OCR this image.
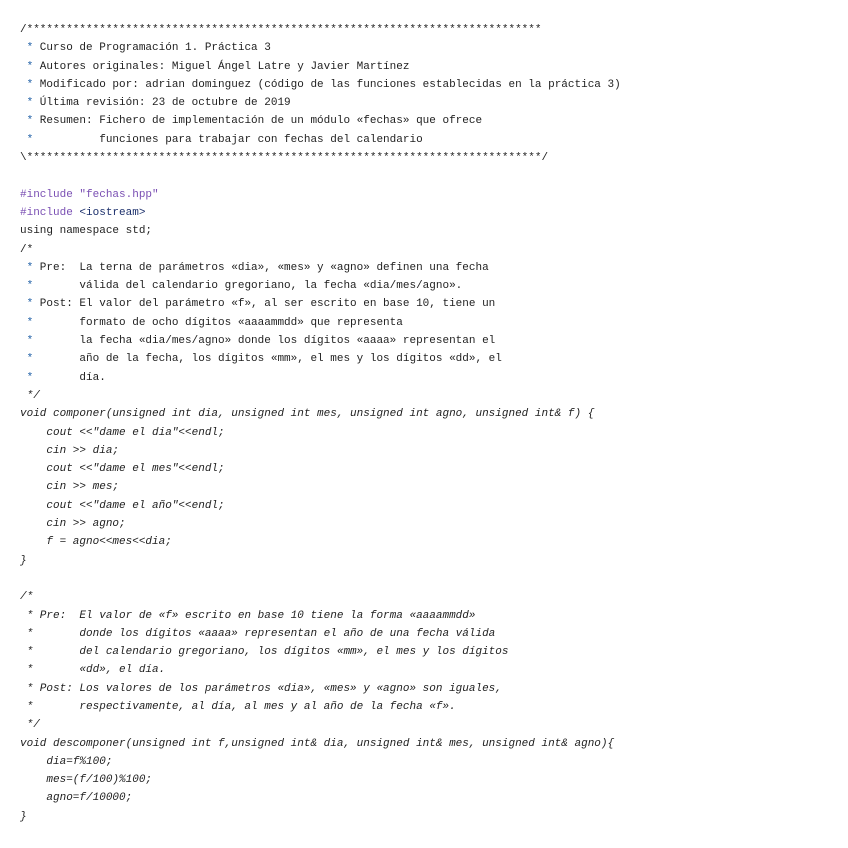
/******************************************************************************
* Curso de Programación 1. Práctica 3
* Autores originales: Miguel Ángel Latre y Javier Martínez
* Modificado por: adrian dominguez (código de las funciones establecidas en la práctica 3)
* Última revisión: 23 de octubre de 2019
* Resumen: Fichero de implementación de un módulo «fechas» que ofrece
*          funciones para trabajar con fechas del calendario
\******************************************************************************/
#include "fechas.hpp"
#include <iostream>
using namespace std;
/*
* Pre:  La terna de parámetros «dia», «mes» y «agno» definen una fecha
*       válida del calendario gregoriano, la fecha «dia/mes/agno».
* Post: El valor del parámetro «f», al ser escrito en base 10, tiene un
*       formato de ocho dígitos «aaaammdd» que representa
*       la fecha «dia/mes/agno» donde los dígitos «aaaa» representan el
*       año de la fecha, los dígitos «mm», el mes y los dígitos «dd», el
*       día.
*/
void componer(unsigned int dia, unsigned int mes, unsigned int agno, unsigned int& f) {
cout <<"dame el dia"<<endl;
cin >> dia;
cout <<"dame el mes"<<endl;
cin >> mes;
cout <<"dame el año"<<endl;
cin >> agno;
f = agno<<mes<<dia;
}
/*
* Pre:  El valor de «f» escrito en base 10 tiene la forma «aaaammdd»
*       donde los dígitos «aaaa» representan el año de una fecha válida
*       del calendario gregoriano, los dígitos «mm», el mes y los dígitos
*       «dd», el día.
* Post: Los valores de los parámetros «dia», «mes» y «agno» son iguales,
*       respectivamente, al día, al mes y al año de la fecha «f».
*/
void descomponer(unsigned int f,unsigned int& dia, unsigned int& mes, unsigned int& agno){
dia=f%100;
mes=(f/100)%100;
agno=f/10000;
}
